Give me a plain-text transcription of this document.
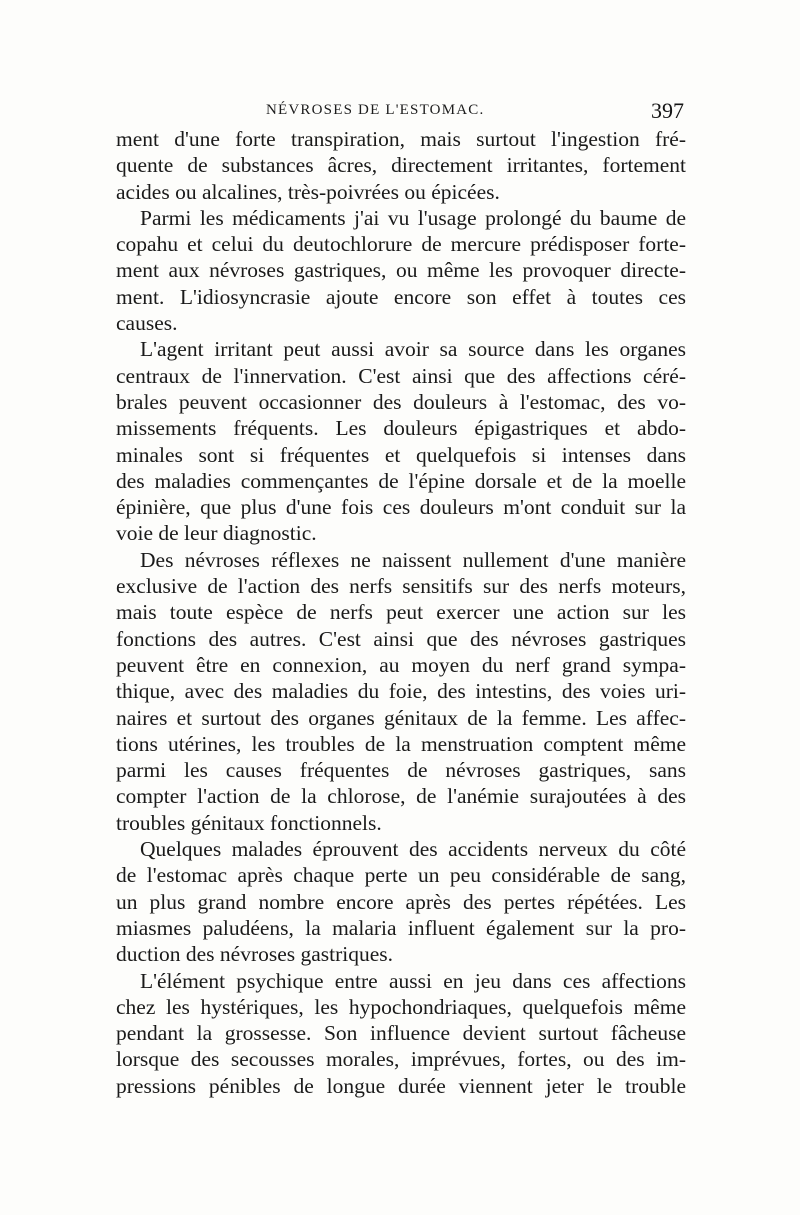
NÉVROSES DE L'ESTOMAC.	397
ment d'une forte transpiration, mais surtout l'ingestion fré-
quente de substances âcres, directement irritantes, fortement
acides ou alcalines, très-poivrées ou épicées.
Parmi les médicaments j'ai vu l'usage prolongé du baume de
copahu et celui du deutochlorure de mercure prédisposer forte-
ment aux névroses gastriques, ou même les provoquer directe-
ment. L'idiosyncrasie ajoute encore son effet à toutes ces
causes.
L'agent irritant peut aussi avoir sa source dans les organes
centraux de l'innervation. C'est ainsi que des affections céré-
brales peuvent occasionner des douleurs à l'estomac, des vo-
missements fréquents. Les douleurs épigastriques et abdo-
minales sont si fréquentes et quelquefois si intenses dans
des maladies commençantes de l'épine dorsale et de la moelle
épinière, que plus d'une fois ces douleurs m'ont conduit sur la
voie de leur diagnostic.
Des névroses réflexes ne naissent nullement d'une manière
exclusive de l'action des nerfs sensitifs sur des nerfs moteurs,
mais toute espèce de nerfs peut exercer une action sur les
fonctions des autres. C'est ainsi que des névroses gastriques
peuvent être en connexion, au moyen du nerf grand sympa-
thique, avec des maladies du foie, des intestins, des voies uri-
naires et surtout des organes génitaux de la femme. Les affec-
tions utérines, les troubles de la menstruation comptent même
parmi les causes fréquentes de névroses gastriques, sans
compter l'action de la chlorose, de l'anémie surajoutées à des
troubles génitaux fonctionnels.
Quelques malades éprouvent des accidents nerveux du côté
de l'estomac après chaque perte un peu considérable de sang,
un plus grand nombre encore après des pertes répétées. Les
miasmes paludéens, la malaria influent également sur la pro-
duction des névroses gastriques.
L'élément psychique entre aussi en jeu dans ces affections
chez les hystériques, les hypochondriaques, quelquefois même
pendant la grossesse. Son influence devient surtout fâcheuse
lorsque des secousses morales, imprévues, fortes, ou des im-
pressions pénibles de longue durée viennent jeter le trouble
